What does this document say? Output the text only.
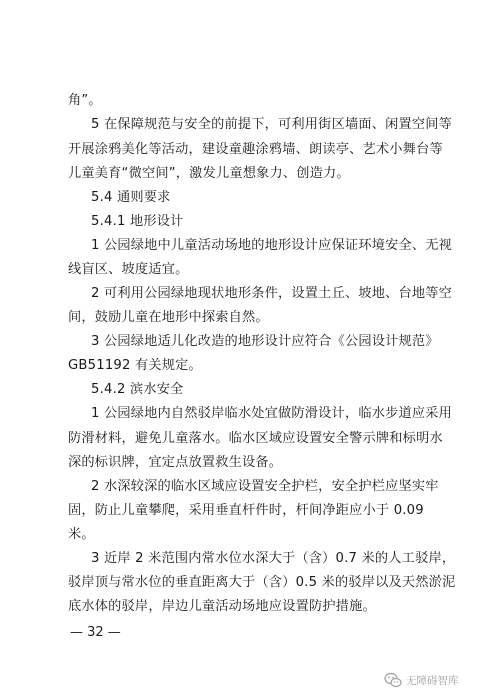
角”。
5 在保障规范与安全的前提下，可利用街区墙面、闲置空间等
开展涂鸦美化等活动，建设童趣涂鸦墙、朗读亭、艺术小舞台等
儿童美育“微空间”，激发儿童想象力、创造力。
5.4 通则要求
5.4.1 地形设计
1 公园绿地中儿童活动场地的地形设计应保证环境安全、无视
线盲区、坡度适宜。
2 可利用公园绿地现状地形条件，设置土丘、坡地、台地等空
间，鼓励儿童在地形中探索自然。
3 公园绿地适儿化改造的地形设计应符合《公园设计规范》
GB51192 有关规定。
5.4.2 滨水安全
1 公园绿地内自然驳岸临水处宜做防滑设计，临水步道应采用
防滑材料，避免儿童落水。临水区域应设置安全警示牌和标明水
深的标识牌，宜定点放置救生设备。
2 水深较深的临水区域应设置安全护栏，安全护栏应坚实牢
固，防止儿童攀爬，采用垂直杆件时，杆间净距应小于 0.09
米。
3 近岸 2 米范围内常水位水深大于（含）0.7 米的人工驳岸，
驳岸顶与常水位的垂直距离大于（含）0.5 米的驳岸以及天然淤泥
底水体的驳岸，岸边儿童活动场地应设置防护措施。
— 32 —
无障碍智库
